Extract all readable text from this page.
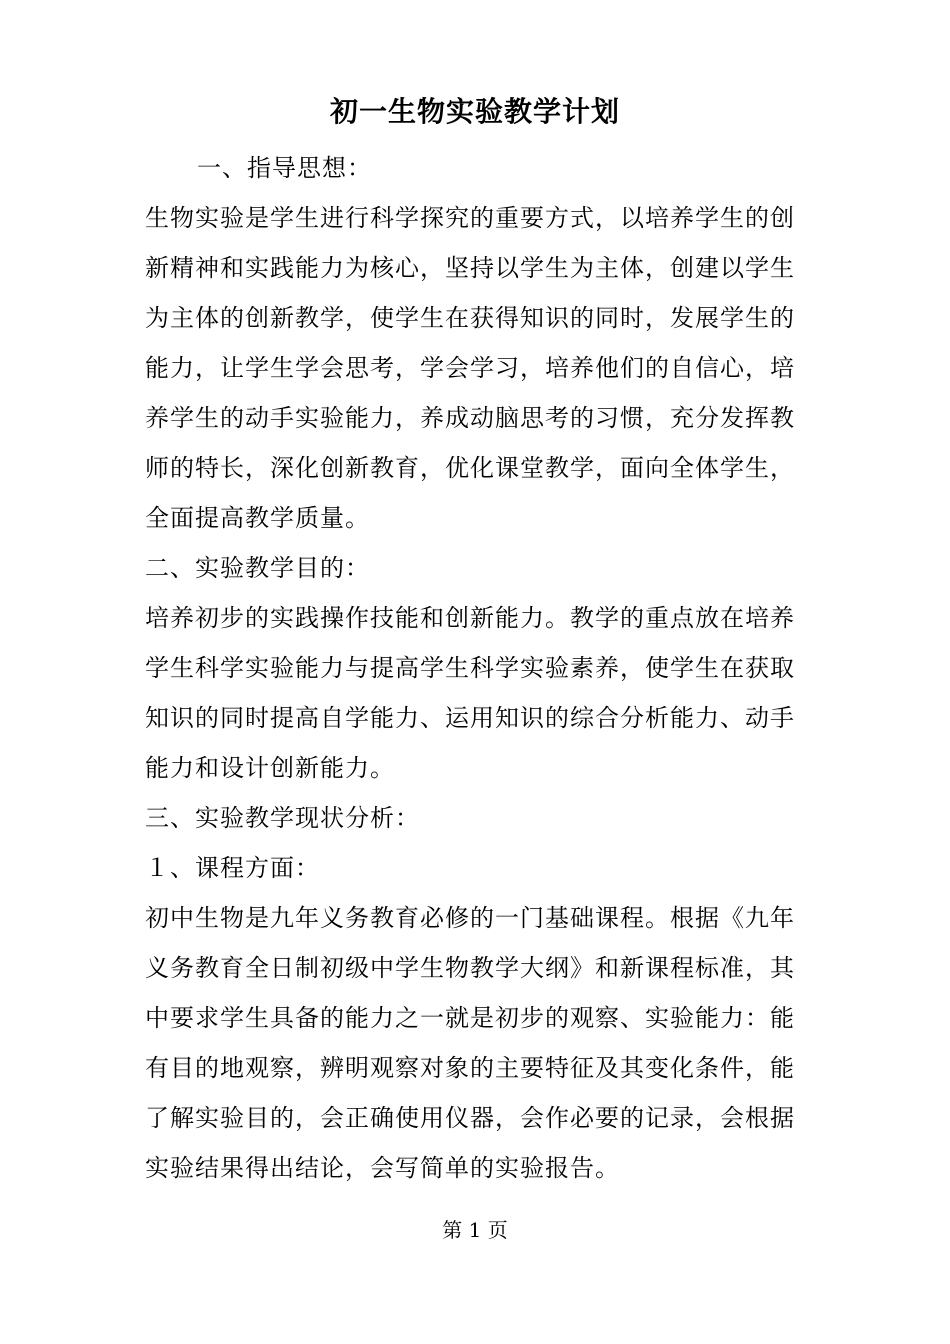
初一生物实验教学计划
一、指导思想：
生物实验是学生进行科学探究的重要方式，以培养学生的创
新精神和实践能力为核心，坚持以学生为主体，创建以学生
为主体的创新教学，使学生在获得知识的同时，发展学生的
能力，让学生学会思考，学会学习，培养他们的自信心，培
养学生的动手实验能力，养成动脑思考的习惯，充分发挥教
师的特长，深化创新教育，优化课堂教学，面向全体学生，
全面提高教学质量。
二、实验教学目的：
培养初步的实践操作技能和创新能力。教学的重点放在培养
学生科学实验能力与提高学生科学实验素养，使学生在获取
知识的同时提高自学能力、运用知识的综合分析能力、动手
能力和设计创新能力。
三、实验教学现状分析：
１、课程方面：
初中生物是九年义务教育必修的一门基础课程。根据《九年
义务教育全日制初级中学生物教学大纲》和新课程标准，其
中要求学生具备的能力之一就是初步的观察、实验能力：能
有目的地观察，辨明观察对象的主要特征及其变化条件，能
了解实验目的，会正确使用仪器，会作必要的记录，会根据
实验结果得出结论，会写简单的实验报告。
第 1 页
